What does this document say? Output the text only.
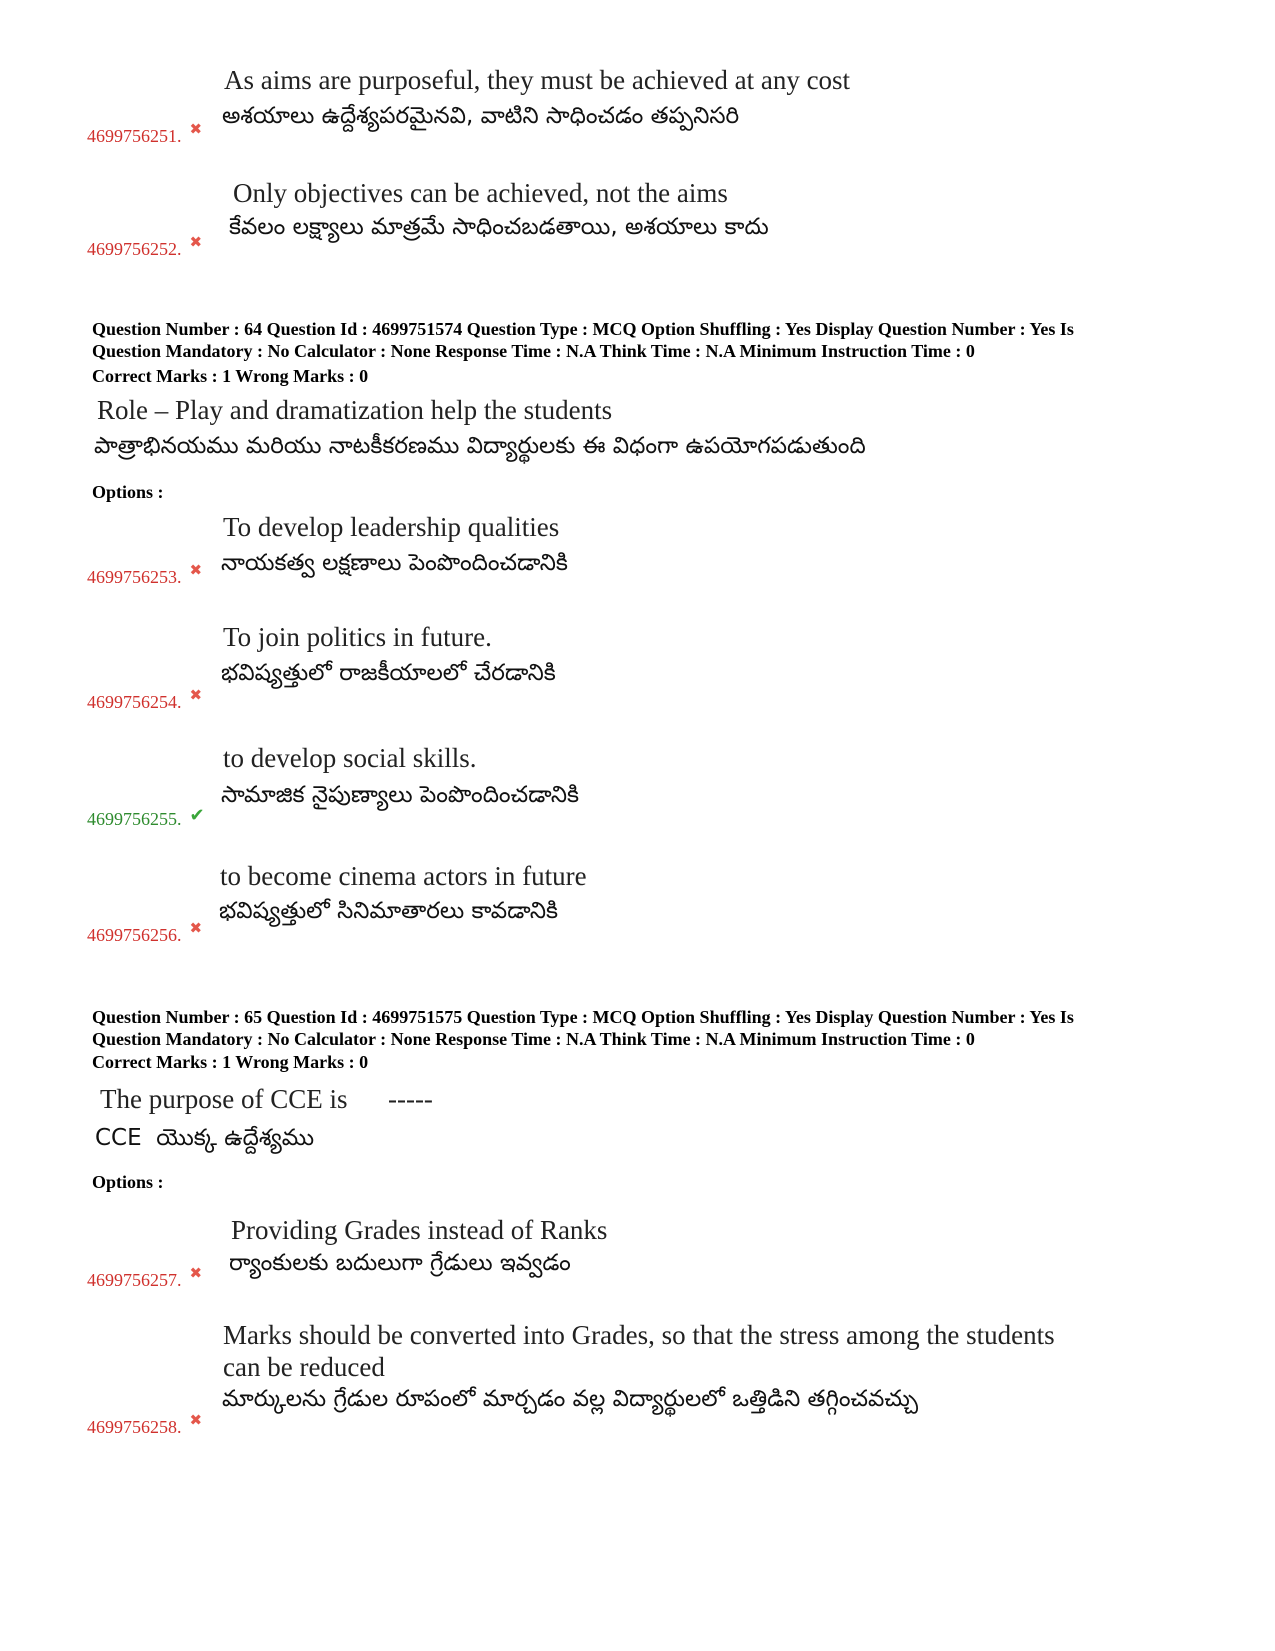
As aims are purposeful, they must be achieved at any cost
అశయాలు ఉద్దేశ్యపరమైనవి, వాటిని సాధించడం తప్పనిసరి
4699756251. ✖
Only objectives can be achieved, not the aims
కేవలం లక్ష్యాలు మాత్రమే సాధించబడతాయి, అశయాలు కాదు
4699756252. ✖
Question Number : 64 Question Id : 4699751574 Question Type : MCQ Option Shuffling : Yes Display Question Number : Yes Is
Question Mandatory : No Calculator : None Response Time : N.A Think Time : N.A Minimum Instruction Time : 0
Correct Marks : 1 Wrong Marks : 0
Role – Play and dramatization help the students
పాత్రాభినయము మరియు నాటకీకరణము విద్యార్థులకు ఈ విధంగా ఉపయోగపడుతుంది
Options :
To develop leadership qualities
నాయకత్వ లక్షణాలు పెంపొందించడానికి
4699756253. ✖
To join politics in future.
భవిష్యత్తులో రాజకీయాలలో చేరడానికి
4699756254. ✖
to develop social skills.
సామాజిక నైపుణ్యాలు పెంపొందించడానికి
4699756255. ✔
to become cinema actors in future
భవిష్యత్తులో సినిమాతారలు కావడానికి
4699756256. ✖
Question Number : 65 Question Id : 4699751575 Question Type : MCQ Option Shuffling : Yes Display Question Number : Yes Is
Question Mandatory : No Calculator : None Response Time : N.A Think Time : N.A Minimum Instruction Time : 0
Correct Marks : 1 Wrong Marks : 0
The purpose of CCE is      -----
CCE  యొక్క ఉద్దేశ్యము
Options :
Providing Grades instead of Ranks
ర్యాంకులకు బదులుగా గ్రేడులు ఇవ్వడం
4699756257. ✖
Marks should be converted into Grades, so that the stress among the students
can be reduced
మార్కులను గ్రేడుల రూపంలో మార్చడం వల్ల విద్యార్థులలో ఒత్తిడిని తగ్గించవచ్చు
4699756258. ✖
